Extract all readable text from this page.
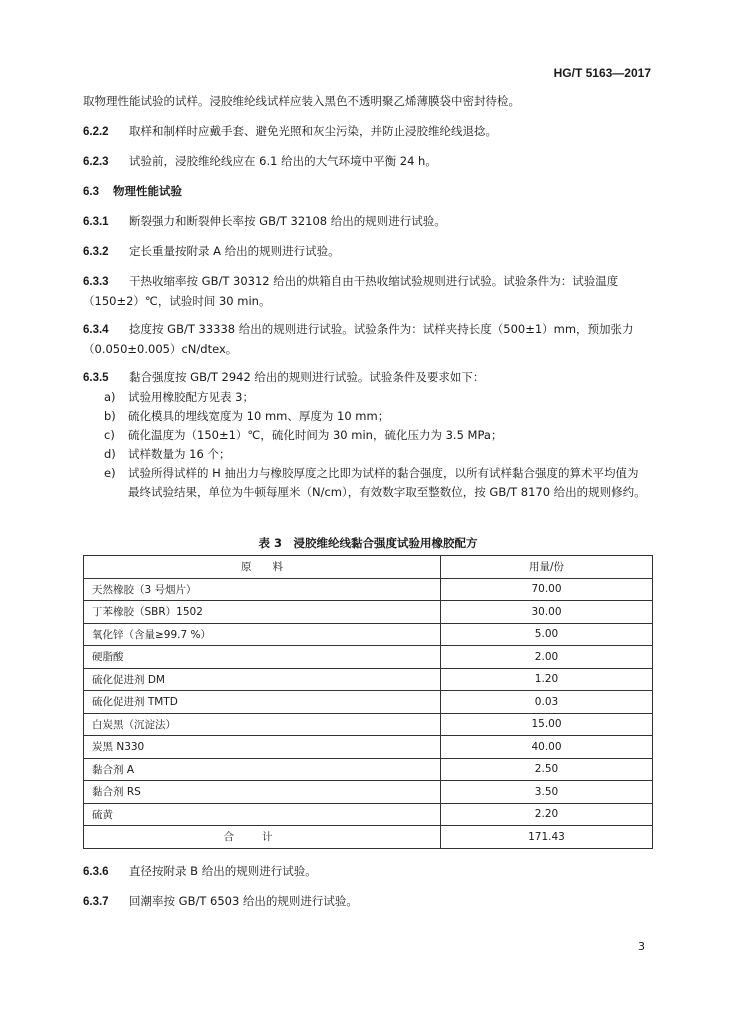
HG/T 5163—2017
取物理性能试验的试样。浸胶维纶线试样应装入黑色不透明聚乙烯薄膜袋中密封待检。
6.2.2 取样和制样时应戴手套、避免光照和灰尘污染，并防止浸胶维纶线退捻。
6.2.3 试验前，浸胶维纶线应在 6.1 给出的大气环境中平衡 24 h。
6.3 物理性能试验
6.3.1 断裂强力和断裂伸长率按 GB/T 32108 给出的规则进行试验。
6.3.2 定长重量按附录 A 给出的规则进行试验。
6.3.3 干热收缩率按 GB/T 30312 给出的烘箱自由干热收缩试验规则进行试验。试验条件为：试验温度（150±2）℃，试验时间 30 min。
6.3.4 捻度按 GB/T 33338 给出的规则进行试验。试验条件为：试样夹持长度（500±1）mm，预加张力（0.050±0.005）cN/dtex。
6.3.5 黏合强度按 GB/T 2942 给出的规则进行试验。试验条件及要求如下：
a) 试验用橡胶配方见表 3；
b) 硫化模具的埋线宽度为 10 mm、厚度为 10 mm；
c) 硫化温度为（150±1）℃，硫化时间为 30 min，硫化压力为 3.5 MPa；
d) 试样数量为 16 个；
e)	试验所得试样的 H 抽出力与橡胶厚度之比即为试样的黏合强度，以所有试样黏合强度的算术平均值为最终试验结果，单位为牛顿每厘米（N/cm），有效数字取至整数位，按 GB/T 8170 给出的规则修约。
表 3　浸胶维纶线黏合强度试验用橡胶配方
原　　料	用量/份
天然橡胶（3 号烟片）	70.00
丁苯橡胶（SBR）1502	30.00
氧化锌（含量≥99.7 %）	5.00
硬脂酸	2.00
硫化促进剂 DM	1.20
硫化促进剂 TMTD	0.03
白炭黑（沉淀法）	15.00
炭黑 N330	40.00
黏合剂 A	2.50
黏合剂 RS	3.50
硫黄	2.20
合计	171.43
6.3.6 直径按附录 B 给出的规则进行试验。
6.3.7 回潮率按 GB/T 6503 给出的规则进行试验。
3
